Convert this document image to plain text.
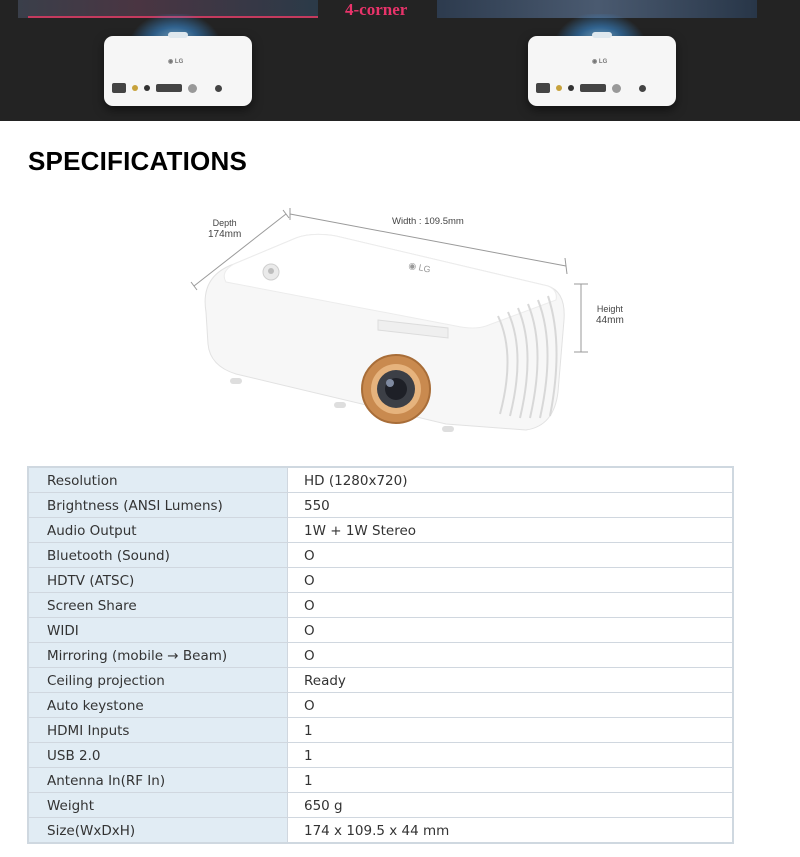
4-corner
◉ LG	◉ LG
SPECIFICATIONS
◉ LG
Depth
174mm
Width : 109.5mm
Height
44mm
Resolution	HD (1280x720)
Brightness (ANSI Lumens)	550
Audio Output	1W + 1W Stereo
Bluetooth (Sound)	O
HDTV (ATSC)	O
Screen Share	O
WIDI	O
Mirroring (mobile → Beam)	O
Ceiling projection	Ready
Auto keystone	O
HDMI Inputs	1
USB 2.0	1
Antenna In(RF In)	1
Weight	650 g
Size(WxDxH)	174 x 109.5 x 44 mm
